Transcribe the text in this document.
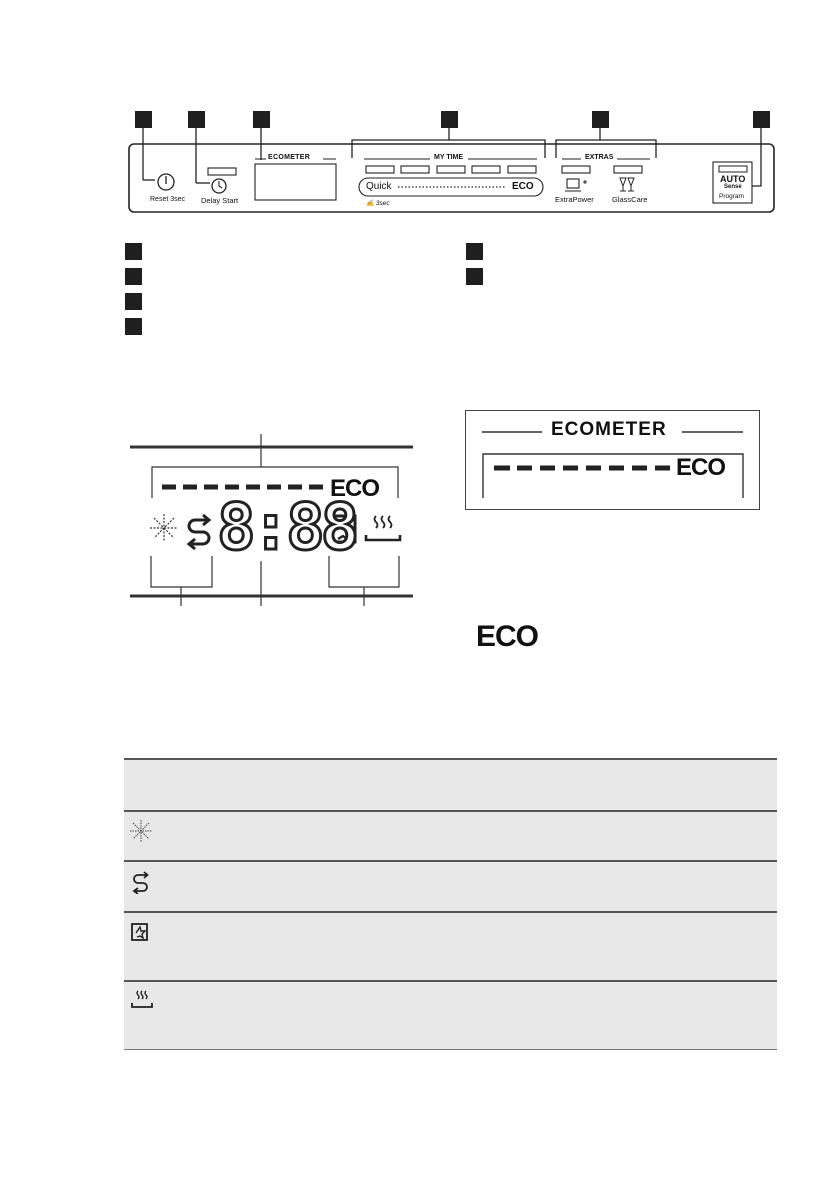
Reset 3sec Delay Start
ECOMETER	MY TIME
Quick	ECO
✍ 3sec
EXTRAS
ExtraPower GlassCare
AUTO
Sense
Program
8:88
ECO
ECOMETER
ECO
ECO
